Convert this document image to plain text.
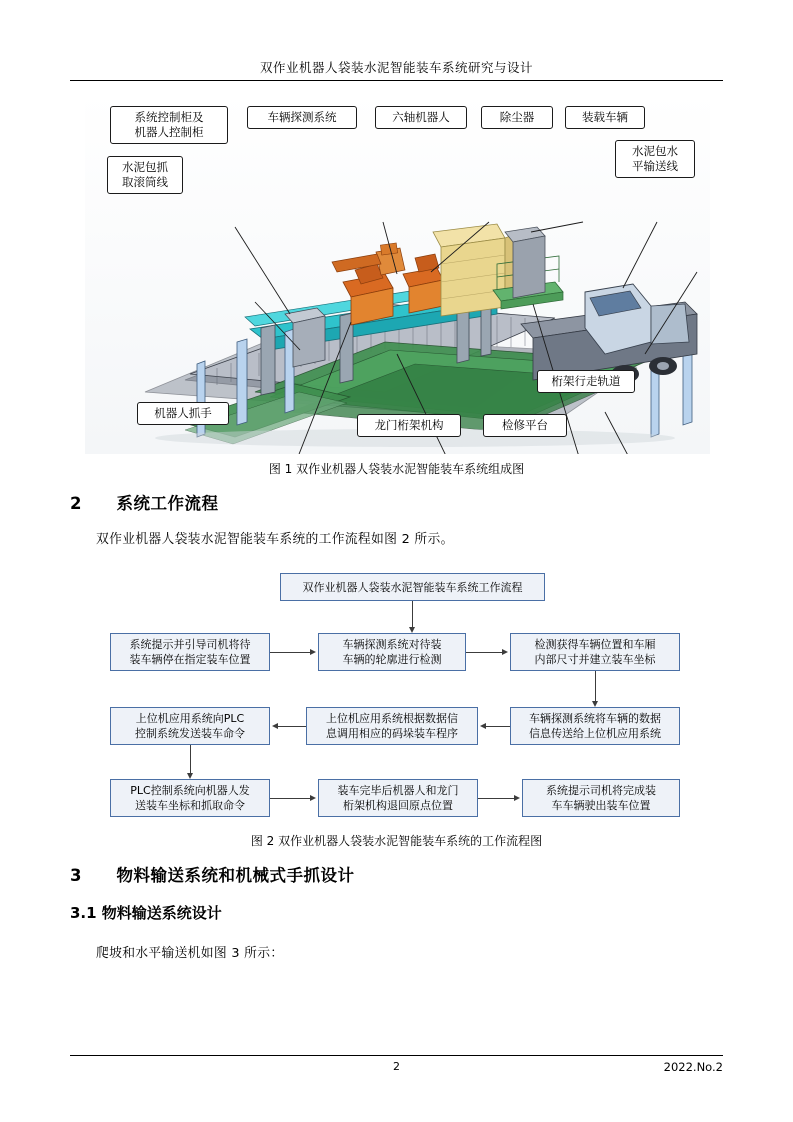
双作业机器人袋装水泥智能装车系统研究与设计
系统控制柜及
机器人控制柜
车辆探测系统	六轴机器人	除尘器	装载车辆
水泥包水
平输送线
水泥包抓
取滚筒线
机器人抓手
龙门桁架机构	检修平台
桁架行走轨道
图 1 双作业机器人袋装水泥智能装车系统组成图
2 系统工作流程

双作业机器人袋装水泥智能装车系统的工作流程如图 2 所示。

双作业机器人袋装水泥智能装车系统工作流程
系统提示并引导司机将待
装车辆停在指定装车位置
车辆探测系统对待装
车辆的轮廓进行检测
检测获得车辆位置和车厢
内部尺寸并建立装车坐标
上位机应用系统向PLC
控制系统发送装车命令
上位机应用系统根据数据信
息调用相应的码垛装车程序
车辆探测系统将车辆的数据
信息传送给上位机应用系统
PLC控制系统向机器人发
送装车坐标和抓取命令
装车完毕后机器人和龙门
桁架机构退回原点位置
系统提示司机将完成装
车车辆驶出装车位置
图 2 双作业机器人袋装水泥智能装车系统的工作流程图
3 物料输送系统和机械式手抓设计
3.1 物料输送系统设计

爬坡和水平输送机如图 3 所示：

2	2022.No.2
